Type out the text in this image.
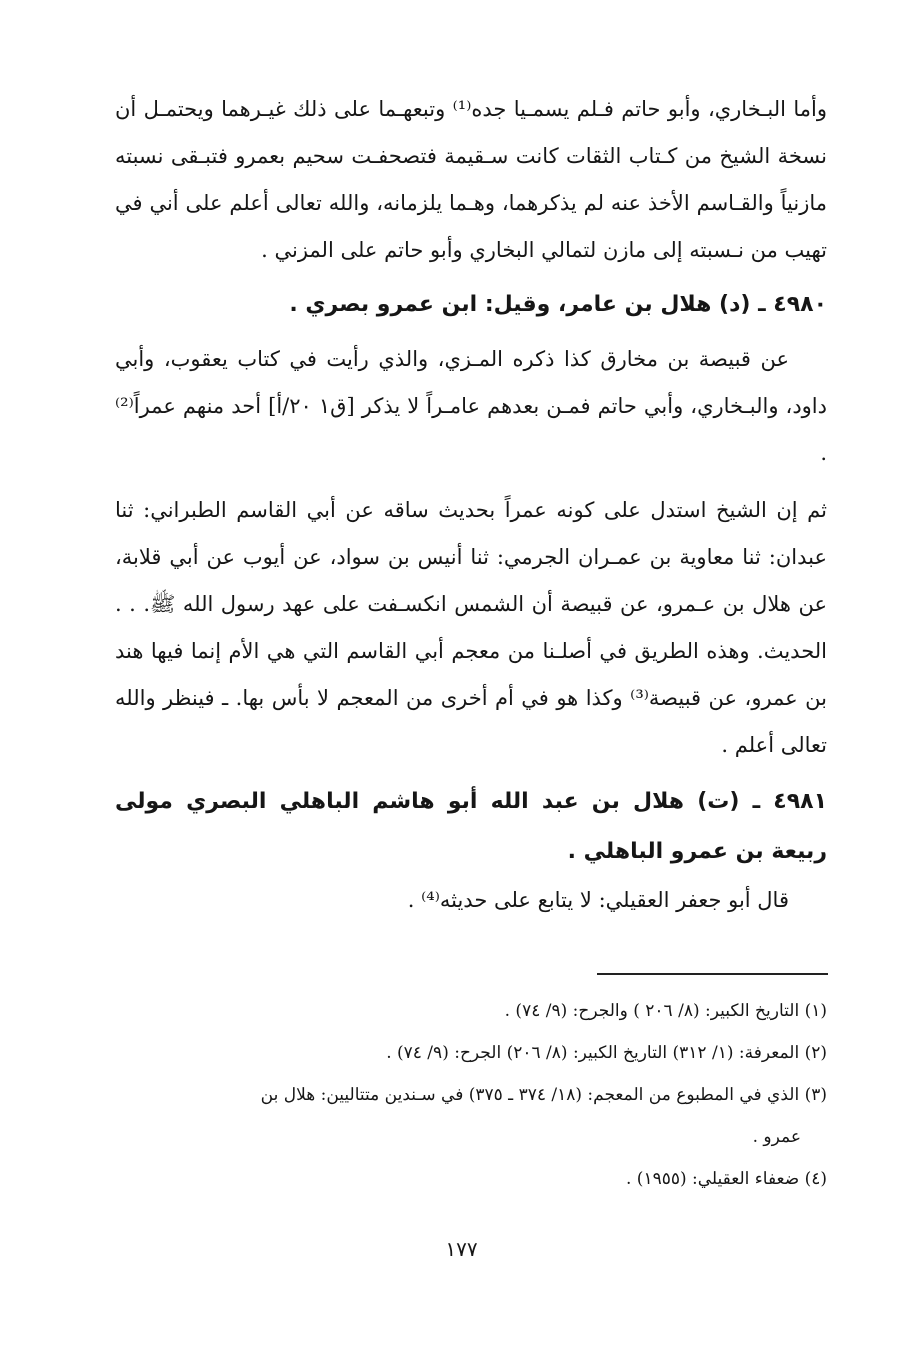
وأما البـخاري، وأبو حاتم فـلم يسمـيا جده⁽¹⁾ وتبعهـما على ذلك غيـرهما ويحتمـل أن نسخة الشيخ من كـتاب الثقات كانت سـقيمة فتصحفـت سحيم بعمرو فتبـقى نسبته مازنياً والقـاسم الأخذ عنه لم يذكرهما، وهـما يلزمانه، والله تعالى أعلم على أني في تهيب من نـسبته إلى مازن لتمالي البخاري وأبو حاتم على المزني .

٤٩٨٠ ـ (د) هلال بن عامر، وقيل: ابن عمرو بصري .

عن قبيصة بن مخارق كذا ذكره المـزي، والذي رأيت في كتاب يعقوب، وأبي داود، والبـخاري، وأبي حاتم فمـن بعدهم عامـراً لا يذكر [ق١ ٢٠/أ] أحد منهم عمراً⁽²⁾ .

ثم إن الشيخ استدل على كونه عمراً بحديث ساقه عن أبي القاسم الطبراني: ثنا عبدان: ثنا معاوية بن عمـران الجرمي: ثنا أنيس بن سواد، عن أيوب عن أبي قلابة، عن هلال بن عـمرو، عن قبيصة أن الشمس انكسـفت على عهد رسول الله ﷺ. . . الحديث. وهذه الطريق في أصلـنا من معجم أبي القاسم التي هي الأم إنما فيها هند بن عمرو، عن قبيصة⁽³⁾ وكذا هو في أم أخرى من المعجم لا بأس بها. ـ فينظر والله تعالى أعلم .

٤٩٨١ ـ (ت) هلال بن عبد الله أبو هاشم الباهلي البصري مولى ربيعة بن عمرو الباهلي .

قال أبو جعفر العقيلي: لا يتابع على حديثه⁽⁴⁾ .

(١) التاريخ الكبير: (٨/ ٢٠٦ ) والجرح: (٩/ ٧٤) .

(٢) المعرفة: (١/ ٣١٢) التاريخ الكبير: (٨/ ٢٠٦) الجرح: (٩/ ٧٤) .

(٣) الذي في المطبوع من المعجم: (١٨/ ٣٧٤ ـ ٣٧٥) في سـندين متتاليين: هلال بن

عمرو .

(٤) ضعفاء العقيلي: (١٩٥٥) .

١٧٧
